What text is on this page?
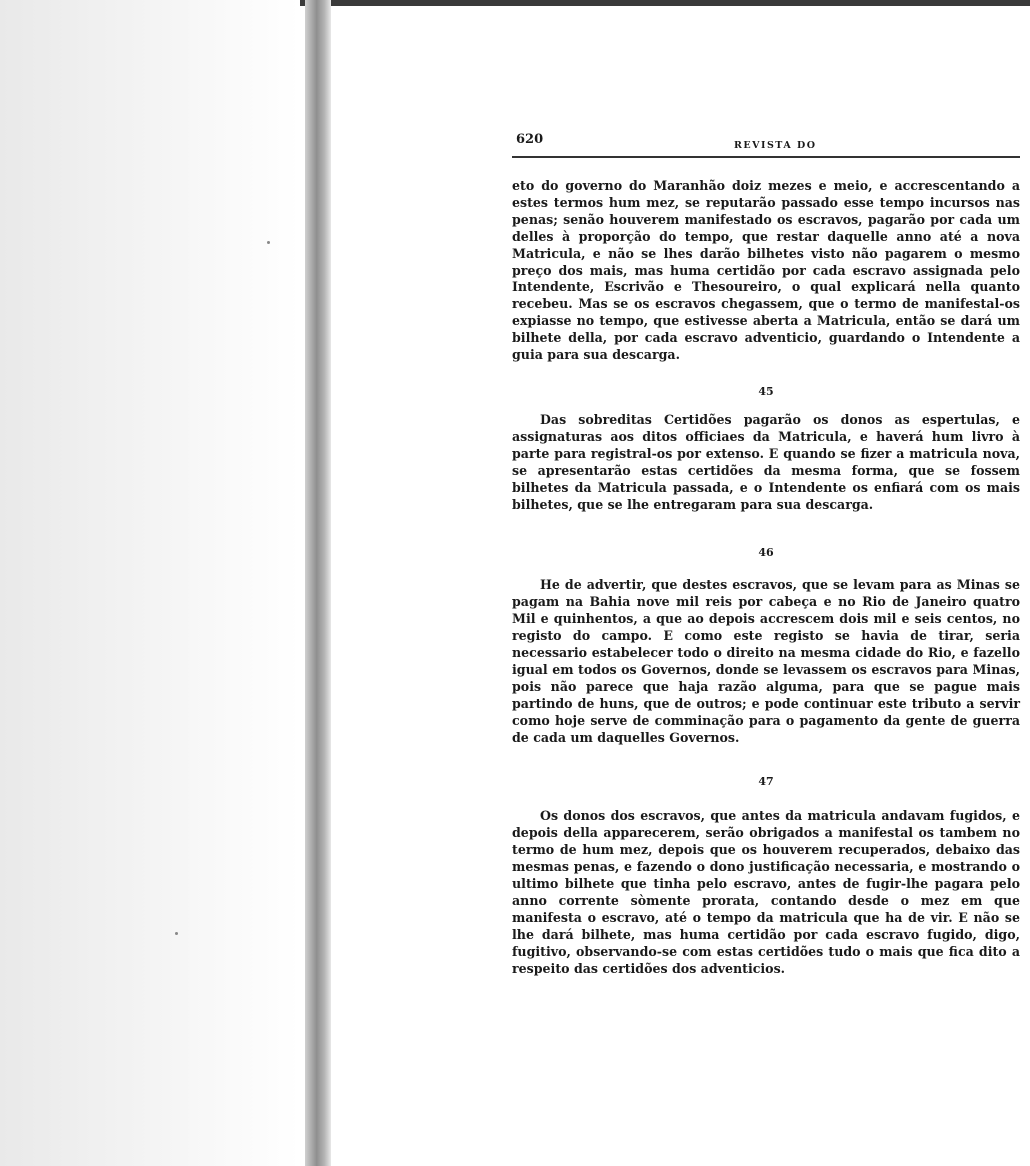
620	REVISTA DO

eto do governo do Maranhão doiz mezes e meio, e accrescentando a estes termos hum mez, se reputarão passado esse tempo incursos nas penas; senão houverem manifestado os escravos, pagarão por cada um delles à proporção do tempo, que restar daquelle anno até a nova Matricula, e não se lhes darão bilhetes visto não pagarem o mesmo preço dos mais, mas huma certidão por cada escravo assignada pelo Intendente, Escrivão e Thesoureiro, o qual explicará nella quanto recebeu. Mas se os escravos chegassem, que o termo de manifestal-os expiasse no tempo, que estivesse aberta a Matricula, então se dará um bilhete della, por cada escravo adventicio, guardando o Intendente a guia para sua descarga.

45

Das sobreditas Certidões pagarão os donos as espertulas, e assignaturas aos ditos officiaes da Matricula, e haverá hum livro à parte para registral-os por extenso. E quando se fizer a matricula nova, se apresentarão estas certidões da mesma forma, que se fossem bilhetes da Matricula passada, e o Intendente os enfiará com os mais bilhetes, que se lhe entregaram para sua descarga.

46

He de advertir, que destes escravos, que se levam para as Minas se pagam na Bahia nove mil reis por cabeça e no Rio de Janeiro quatro Mil e quinhentos, a que ao depois accrescem dois mil e seis centos, no registo do campo. E como este registo se havia de tirar, seria necessario estabelecer todo o direito na mesma cidade do Rio, e fazello igual em todos os Governos, donde se levassem os escravos para Minas, pois não parece que haja razão alguma, para que se pague mais partindo de huns, que de outros; e pode continuar este tributo a servir como hoje serve de comminação para o pagamento da gente de guerra de cada um daquelles Governos.

47

Os donos dos escravos, que antes da matricula andavam fugidos, e depois della apparecerem, serão obrigados a manifestal os tambem no termo de hum mez, depois que os houverem recuperados, debaixo das mesmas penas, e fazendo o dono justificação necessaria, e mostrando o ultimo bilhete que tinha pelo escravo, antes de fugir-lhe pagara pelo anno corrente sòmente prorata, contando desde o mez em que manifesta o escravo, até o tempo da matricula que ha de vir. E não se lhe dará bilhete, mas huma certidão por cada escravo fugido, digo, fugitivo, observando-se com estas certidões tudo o mais que fica dito a respeito das certidões dos adventicios.
